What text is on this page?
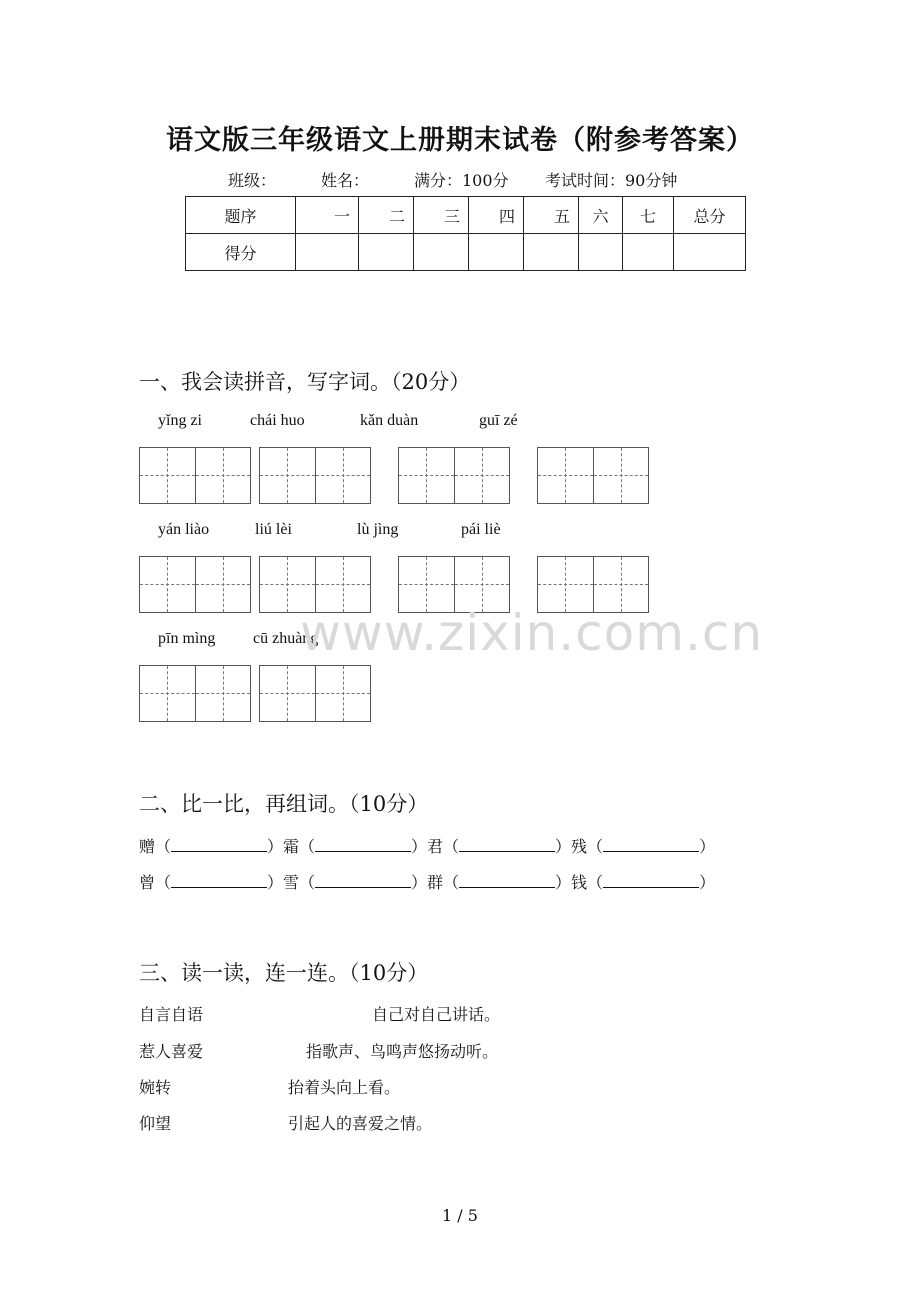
语文版三年级语文上册期末试卷（附参考答案）
班级：	姓名：	满分：100分 考试时间：90分钟
题序	一	二	三	四	五	六	七	总分
得分								
一、我会读拼音，写字词。（20分）
yǐng zi	chái huo	kǎn duàn	guī zé
yán liào	liú lèi	lù jìng	pái liè
pīn mìng cū zhuàng
www.zixin.com.cn
二、比一比，再组词。（10分）
赠（	）霜（	）君（	）残（	）
曾（	）雪（	）群（	）钱（	）
三、读一读，连一连。（10分）
自言自语	自己对自己讲话。
惹人喜爱	指歌声、鸟鸣声悠扬动听。
婉转	抬着头向上看。
仰望	引起人的喜爱之情。
1 / 5
